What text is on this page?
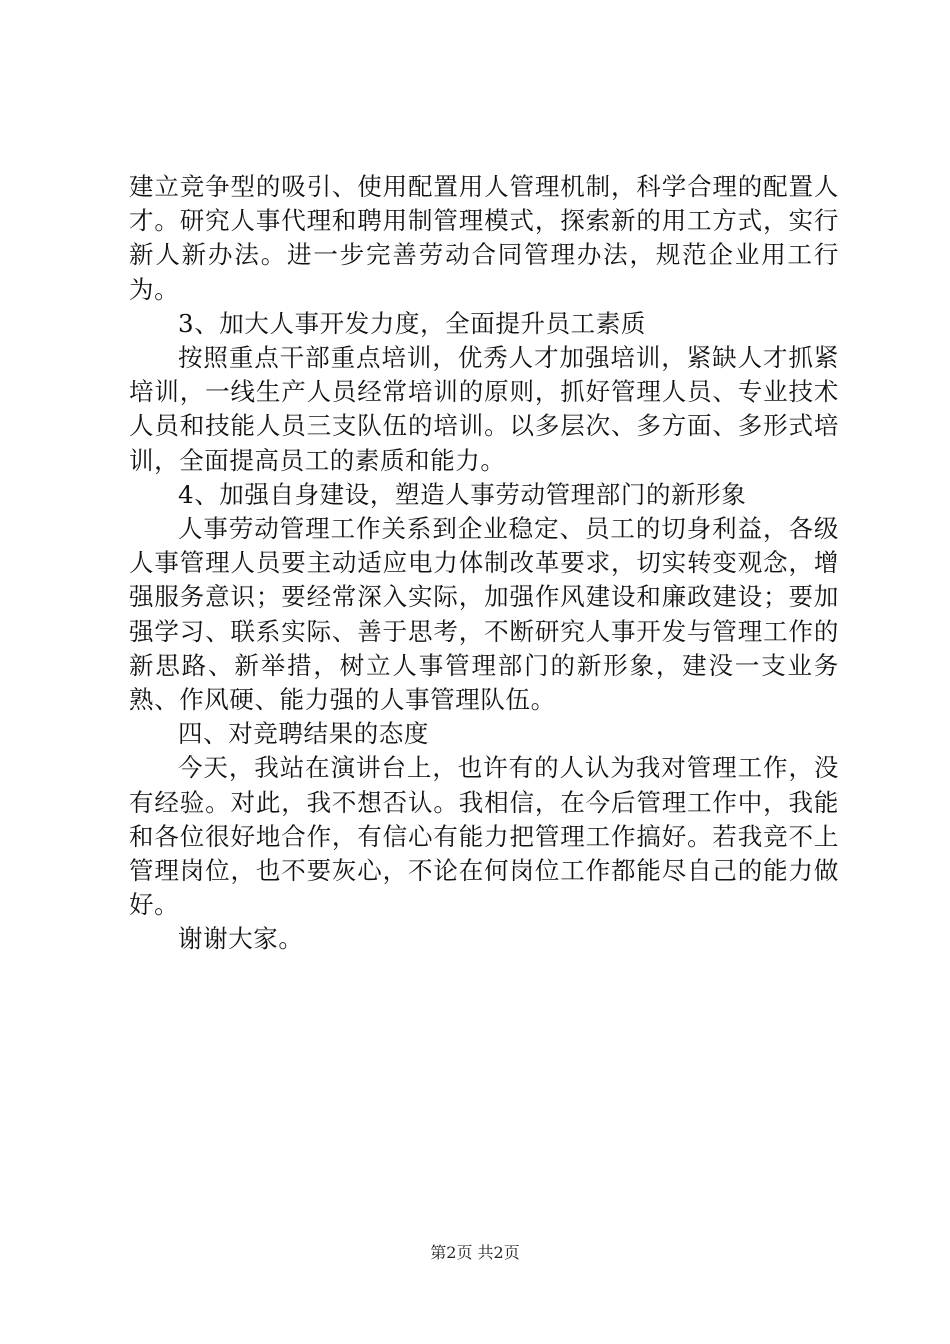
建立竞争型的吸引、使用配置用人管理机制，科学合理的配置人才。研究人事代理和聘用制管理模式，探索新的用工方式，实行新人新办法。进一步完善劳动合同管理办法，规范企业用工行为。

3、加大人事开发力度，全面提升员工素质

按照重点干部重点培训，优秀人才加强培训，紧缺人才抓紧培训，一线生产人员经常培训的原则，抓好管理人员、专业技术人员和技能人员三支队伍的培训。以多层次、多方面、多形式培训，全面提高员工的素质和能力。

4、加强自身建设，塑造人事劳动管理部门的新形象

人事劳动管理工作关系到企业稳定、员工的切身利益，各级人事管理人员要主动适应电力体制改革要求，切实转变观念，增强服务意识；要经常深入实际，加强作风建设和廉政建设；要加强学习、联系实际、善于思考，不断研究人事开发与管理工作的新思路、新举措，树立人事管理部门的新形象，建没一支业务熟、作风硬、能力强的人事管理队伍。

四、对竞聘结果的态度

今天，我站在演讲台上，也许有的人认为我对管理工作，没有经验。对此，我不想否认。我相信，在今后管理工作中，我能和各位很好地合作，有信心有能力把管理工作搞好。若我竞不上管理岗位，也不要灰心，不论在何岗位工作都能尽自己的能力做好。

谢谢大家。

第2页 共2页
